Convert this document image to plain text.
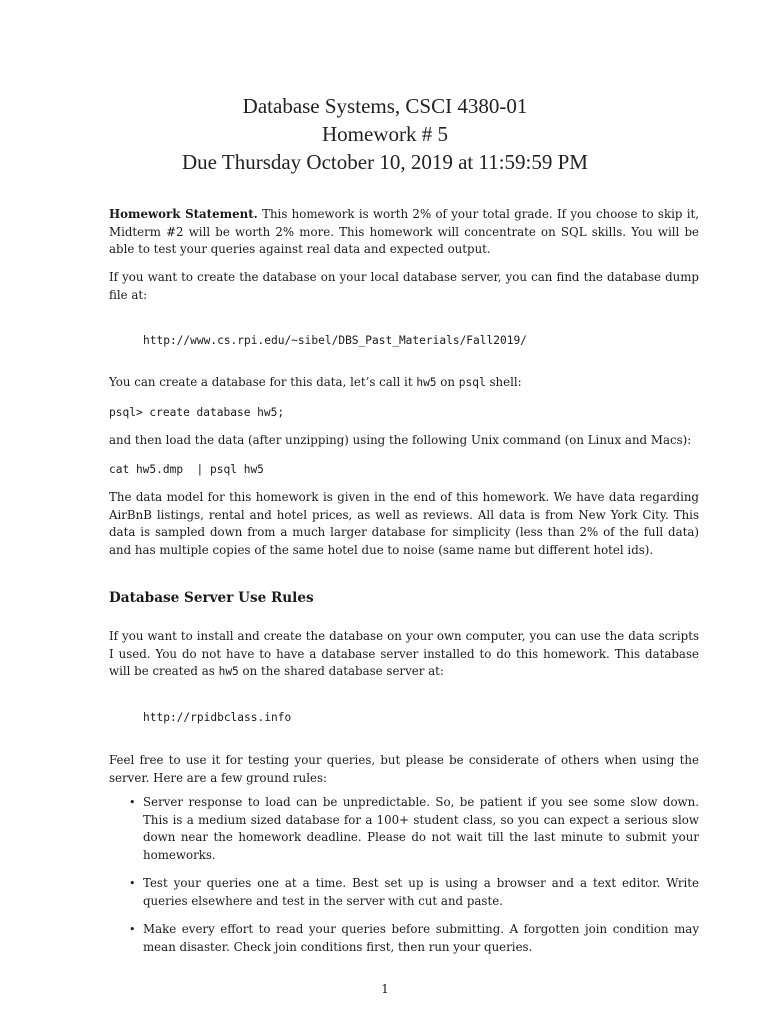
Database Systems, CSCI 4380-01
Homework # 5
Due Thursday October 10, 2019 at 11:59:59 PM
Homework Statement. This homework is worth 2% of your total grade. If you choose to skip it, Midterm #2 will be worth 2% more. This homework will concentrate on SQL skills. You will be able to test your queries against real data and expected output.
If you want to create the database on your local database server, you can find the database dump file at:
http://www.cs.rpi.edu/~sibel/DBS_Past_Materials/Fall2019/
You can create a database for this data, let’s call it hw5 on psql shell:
psql> create database hw5;
and then load the data (after unzipping) using the following Unix command (on Linux and Macs):
cat hw5.dmp  | psql hw5
The data model for this homework is given in the end of this homework. We have data regarding AirBnB listings, rental and hotel prices, as well as reviews. All data is from New York City. This data is sampled down from a much larger database for simplicity (less than 2% of the full data) and has multiple copies of the same hotel due to noise (same name but different hotel ids).
Database Server Use Rules
If you want to install and create the database on your own computer, you can use the data scripts I used. You do not have to have a database server installed to do this homework. This database will be created as hw5 on the shared database server at:
http://rpidbclass.info
Feel free to use it for testing your queries, but please be considerate of others when using the server. Here are a few ground rules:
• Server response to load can be unpredictable. So, be patient if you see some slow down. This is a medium sized database for a 100+ student class, so you can expect a serious slow down near the homework deadline. Please do not wait till the last minute to submit your homeworks.
• Test your queries one at a time. Best set up is using a browser and a text editor. Write queries elsewhere and test in the server with cut and paste.
• Make every effort to read your queries before submitting. A forgotten join condition may mean disaster. Check join conditions first, then run your queries.
1
